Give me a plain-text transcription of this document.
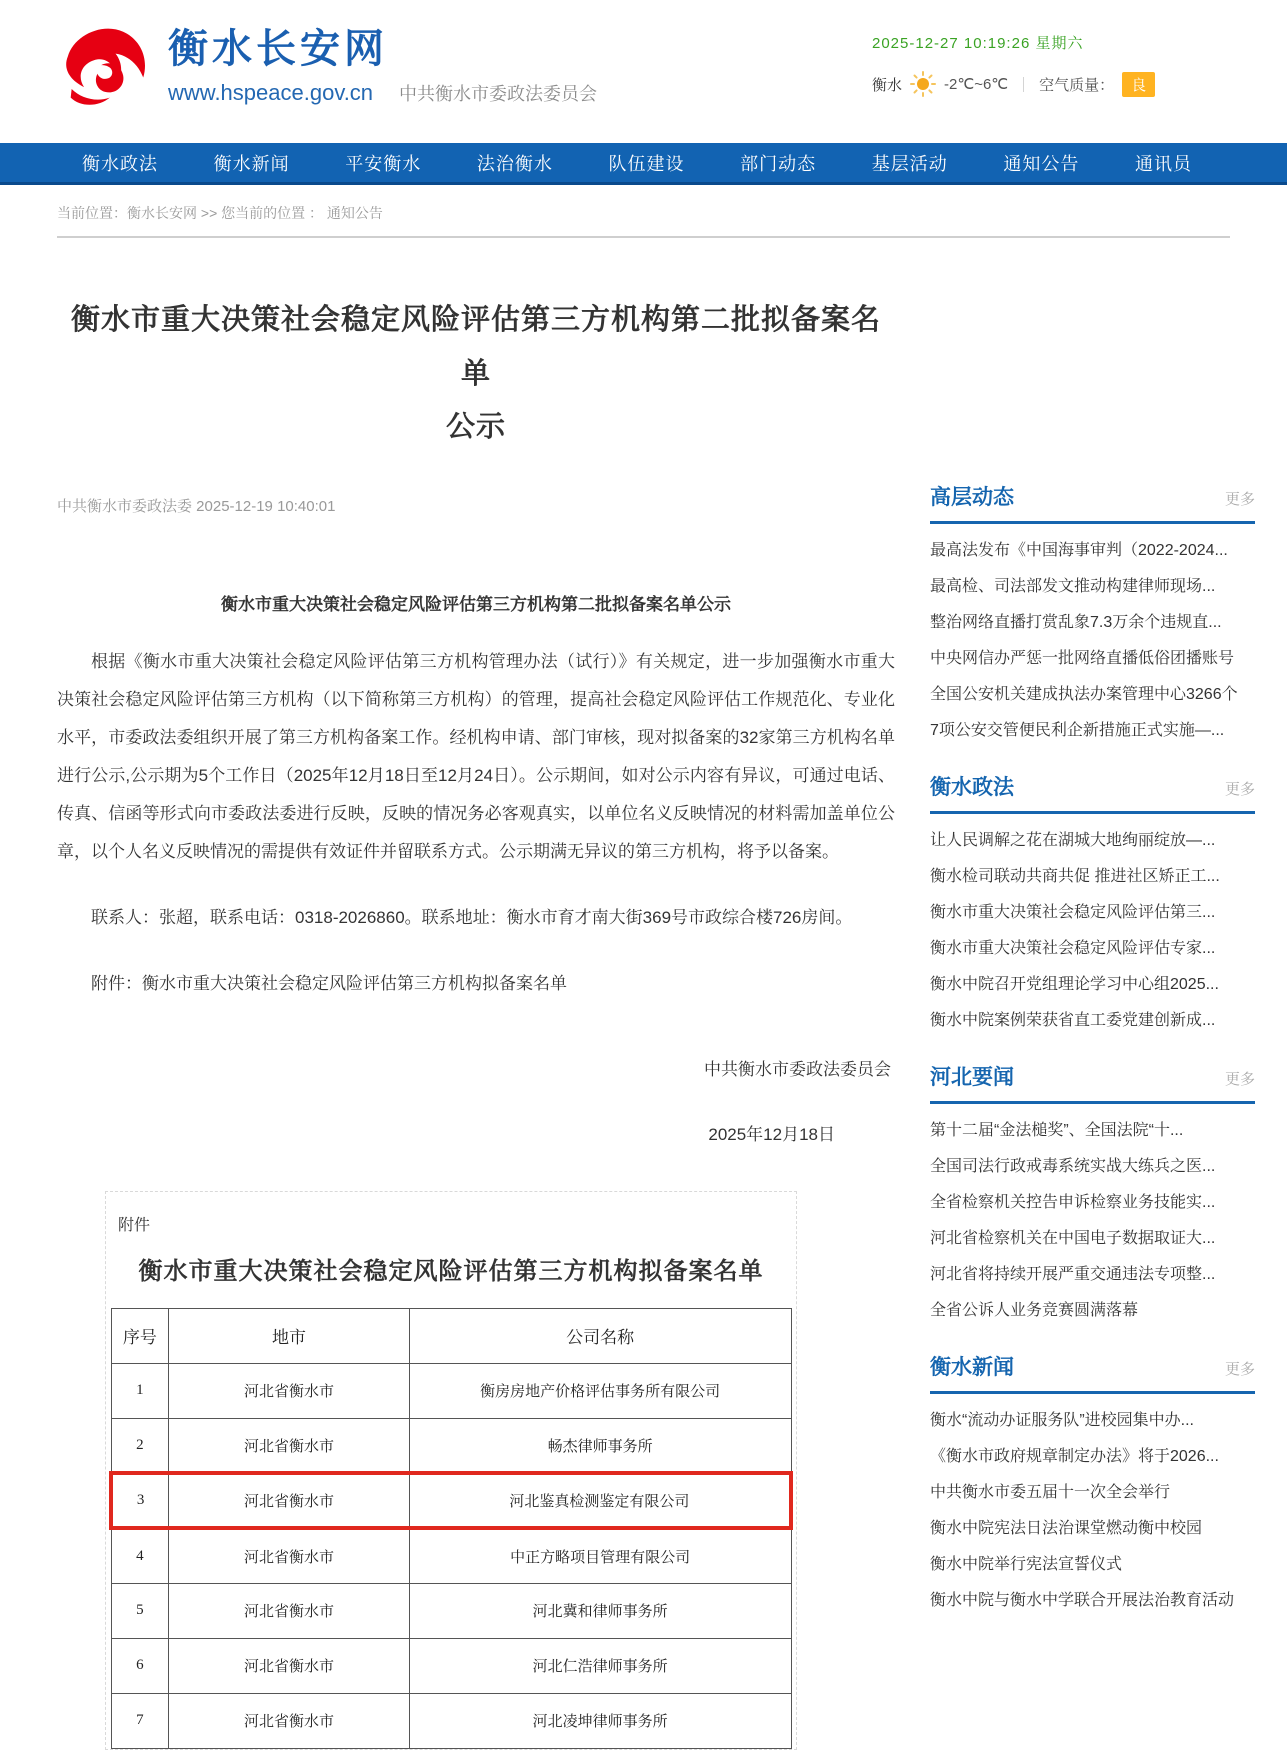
衡水长安网
www.hspeace.gov.cn 中共衡水市委政法委员会
2025-12-27 10:19:26 星期六
衡水	-2℃~6℃ ｜ 空气质量：	良
衡水政法	衡水新闻	平安衡水	法治衡水	队伍建设	部门动态	基层活动	通知公告	通讯员
当前位置：衡水长安网 >> 您当前的位置 ： 通知公告
衡水市重大决策社会稳定风险评估第三方机构第二批拟备案名单
公示
中共衡水市委政法委 2025-12-19 10:40:01
衡水市重大决策社会稳定风险评估第三方机构第二批拟备案名单公示

根据《衡水市重大决策社会稳定风险评估第三方机构管理办法（试行）》有关规定，进一步加强衡水市重大决策社会稳定风险评估第三方机构（以下简称第三方机构）的管理，提高社会稳定风险评估工作规范化、专业化水平，市委政法委组织开展了第三方机构备案工作。经机构申请、部门审核，现对拟备案的32家第三方机构名单进行公示,公示期为5个工作日（2025年12月18日至12月24日）。公示期间，如对公示内容有异议，可通过电话、传真、信函等形式向市委政法委进行反映，反映的情况务必客观真实，以单位名义反映情况的材料需加盖单位公章，以个人名义反映情况的需提供有效证件并留联系方式。公示期满无异议的第三方机构，将予以备案。

联系人：张超，联系电话：0318-2026860。联系地址：衡水市育才南大街369号市政综合楼726房间。

附件：衡水市重大决策社会稳定风险评估第三方机构拟备案名单

中共衡水市委政法委员会
2025年12月18日
附件
衡水市重大决策社会稳定风险评估第三方机构拟备案名单
序号	地市	公司名称
1	河北省衡水市	衡房房地产价格评估事务所有限公司
2	河北省衡水市	畅杰律师事务所
3	河北省衡水市	河北鉴真检测鉴定有限公司
4	河北省衡水市	中正方略项目管理有限公司
5	河北省衡水市	河北冀和律师事务所
6	河北省衡水市	河北仁浩律师事务所
7	河北省衡水市	河北凌坤律师事务所
高层动态	更多
最高法发布《中国海事审判（2022-2024...
最高检、司法部发文推动构建律师现场...
整治网络直播打赏乱象7.3万余个违规直...
中央网信办严惩一批网络直播低俗团播账号
全国公安机关建成执法办案管理中心3266个
7项公安交管便民利企新措施正式实施—...
衡水政法	更多
让人民调解之花在湖城大地绚丽绽放—...
衡水检司联动共商共促 推进社区矫正工...
衡水市重大决策社会稳定风险评估第三...
衡水市重大决策社会稳定风险评估专家...
衡水中院召开党组理论学习中心组2025...
衡水中院案例荣获省直工委党建创新成...
河北要闻	更多
第十二届“金法槌奖”、全国法院“十...
全国司法行政戒毒系统实战大练兵之医...
全省检察机关控告申诉检察业务技能实...
河北省检察机关在中国电子数据取证大...
河北省将持续开展严重交通违法专项整...
全省公诉人业务竞赛圆满落幕
衡水新闻	更多
衡水“流动办证服务队”进校园集中办...
《衡水市政府规章制定办法》将于2026...
中共衡水市委五届十一次全会举行
衡水中院宪法日法治课堂燃动衡中校园
衡水中院举行宪法宣誓仪式
衡水中院与衡水中学联合开展法治教育活动
